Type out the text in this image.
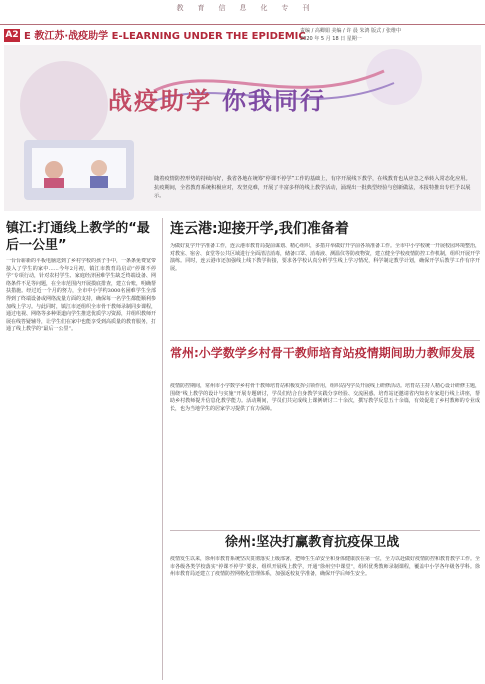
教育信息化专刊
A2 E 教江苏·战疫助学 E-LEARNING UNDER THE EPIDEMIC
责编 / 高卿娟 美编 / 许 晨 朱鸿 版式 / 张维中
2020 年 5 月 18 日 星期一
战疫助学 你我同行
随着疫情防控形势的持续向好，我省各地在统筹“停课不停学”工作的基础上，有序开展线下教学，在线教育也从应急之举转入常态化应用。抗疫期间，全省教育系统积极应对，攻坚克难，开展了丰富多样的线上教学活动，涌现出一批典型经验与创新做法，本报特推出专栏予以展示。
镇江:打通线上教学的“最后一公里”
一台台崭新的平板电脑送到了乡村学校的孩子手中，一条条免费宽带接入了学生的家中……今年2月初，镇江市教育局启动“停课不停学”专项行动，针对农村学生、家庭经济困难学生缺乏终端设备、网络条件不足等问题，在全市范围内开展摸底排查，建立台账，明确帮扶措施。经过近一个月的努力，全市中小学约3000名困难学生全部得到了终端设备或网络流量方面的支持，确保每一名学生都能顺利参加线上学习。与此同时，镇江市还组织全市骨干教师录制同步课程，通过电视、网络等多种渠道向学生推送优质学习资源，并组织教师开展在线答疑辅导，让学生们在家中也能享受到高质量的教育服务，打通了线上教学的“最后一公里”。
连云港:迎接开学,我们准备着
为做好复学开学准备工作，连云港市教育局提前谋划、精心组织，多措并举做好开学前各项准备工作。全市中小学校统一开展校园环境整治，对教室、宿舍、食堂等公共区域进行全面清洁消毒，储备口罩、消毒液、测温仪等防疫物资，建立健全学校疫情防控工作机制，组织开展开学演练。同时，连云港市还加强线上线下教学衔接，要求各学校认真分析学生线上学习情况，科学制定教学计划，确保开学后教学工作有序开展。
常州:小学数学乡村骨干教师培育站疫情期间助力教师发展
疫情防控期间，常州市小学数学乡村骨干教师培育站积极发挥引领作用，组织站内学员开展线上研修活动。培育站主持人精心设计研修主题，围绕“线上教学的设计与实施”开展专题研讨，学员们结合自身教学实践分享经验、交流困惑。培育站还邀请省内知名专家进行线上讲座，帮助乡村教师提升信息化教学能力。活动期间，学员们共完成线上课例研讨二十余次，撰写教学反思五十余篇，有效促进了乡村教师的专业成长，也为当地学生的居家学习提供了有力保障。
徐州:坚决打赢教育抗疫保卫战
疫情发生以来，徐州市教育系统坚决贯彻落实上级部署，把师生生命安全和身体健康放在第一位，全力以赴做好疫情防控和教育教学工作。全市各级各类学校落实“停课不停学”要求，组织开展线上教学，开通“徐州空中课堂”，组织优秀教师录制课程，覆盖中小学各年级各学科。徐州市教育局还建立了疫情防控网格化管理体系，加强返校复学准备，确保开学后师生安全。
